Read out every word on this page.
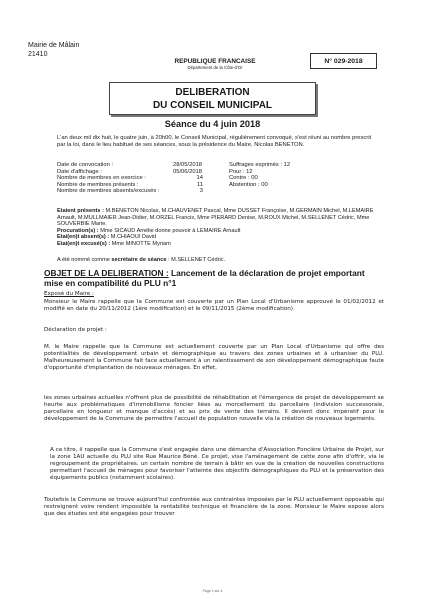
Mairie de Mâlain
21410
REPUBLIQUE FRANCAISE
Département de la Côte-d'Or
N° 029-2018
DELIBERATION
DU CONSEIL MUNICIPAL
Séance du 4 juin 2018
L'an deux mil dix huit, le quatre juin, à 20h00, le Conseil Municipal, régulièrement convoqué, s'est réuni au nombre prescrit par la loi, dans le lieu habituel de ses séances, sous la présidence du Maire, Nicolas BENETON.
Date de convocation :	28/05/2018
Date d'affichage :	05/06/2018
Nombre de membres en exercice :	14
Nombre de membres présents :	11
Nombre de membres absents/excusés :	3
Suffrages exprimés : 12
Pour : 12
Contre : 00
Abstention : 00
Etaient présents : M.BENETON Nicolas, M.CHAUVENET Pascal, Mme DUSSET Françoise, M.GERMAIN Michel, M.LEMAIRE Arnault, M.MULLMAIER Jean-Didier, M.ORZEL Francis, Mme PIERARD Denise, M.ROUX Michel, M.SELLENET Cédric, Mme SOUVERBIE Marie.
Procuration(s) : Mme SICAUD Amélie donne pouvoir à LEMAIRE Arnault
Etai(en)t absent(s) : M.CHIAOUI David
Etai(en)t excusé(s) : Mme MINOTTE Myriam
A été nommé comme secrétaire de séance : M.SELLENET Cédric.
OBJET DE LA DELIBERATION : Lancement de la déclaration de projet emportant mise en compatibilité du PLU n°1
Exposé du Maire :
Monsieur le Maire rappelle que la Commune est couverte par un Plan Local d'Urbanisme approuvé le 01/02/2012 et modifié en date du 20/11/2012 (1ère modification) et le 09/11/2015 (2ème modification).
Déclaration de projet :
M. le Maire rappelle que la Commune est actuellement couverte par un Plan Local d'Urbanisme qui offre des potentialités de développement urbain et démographique au travers des zones urbaines et à urbaniser du PLU. Malheureusement la Commune fait face actuellement à un ralentissement de son développement démographique faute d'opportunité d'implantation de nouveaux ménages. En effet,
les zones urbaines actuelles n'offrent plus de possibilité de réhabilitation et l'émergence de projet de développement se heurte aux problématiques d'immobilisme foncier liées au morcellement du parcellaire (indivision successorale, parcellaire en longueur et manque d'accès) et au prix de vente des terrains. Il devient donc impératif pour le développement de la Commune de permettre l'accueil de population nouvelle via la création de nouveaux logements.
A ce titre, il rappelle que la Commune s'est engagée dans une démarche d'Association Foncière Urbaine de Projet, sur la zone 1AU actuelle du PLU site Rue Maurice Béné. Ce projet, vise l'aménagement de cette zone afin d'offrir, via le regroupement de propriétaires, un certain nombre de terrain à bâtir en vue de la création de nouvelles constructions permettant l'accueil de ménages pour favoriser l'atteinte des objectifs démographiques du PLU et la préservation des équipements publics (notamment scolaires).
Toutefois la Commune se trouve aujourd'hui confrontée aux contraintes imposées par le PLU actuellement opposable qui restreignent voire rendent impossible la rentabilité technique et financière de la zone. Monsieur le Maire expose alors que des études ont été engagées pour trouver
Page 1 sur 4
